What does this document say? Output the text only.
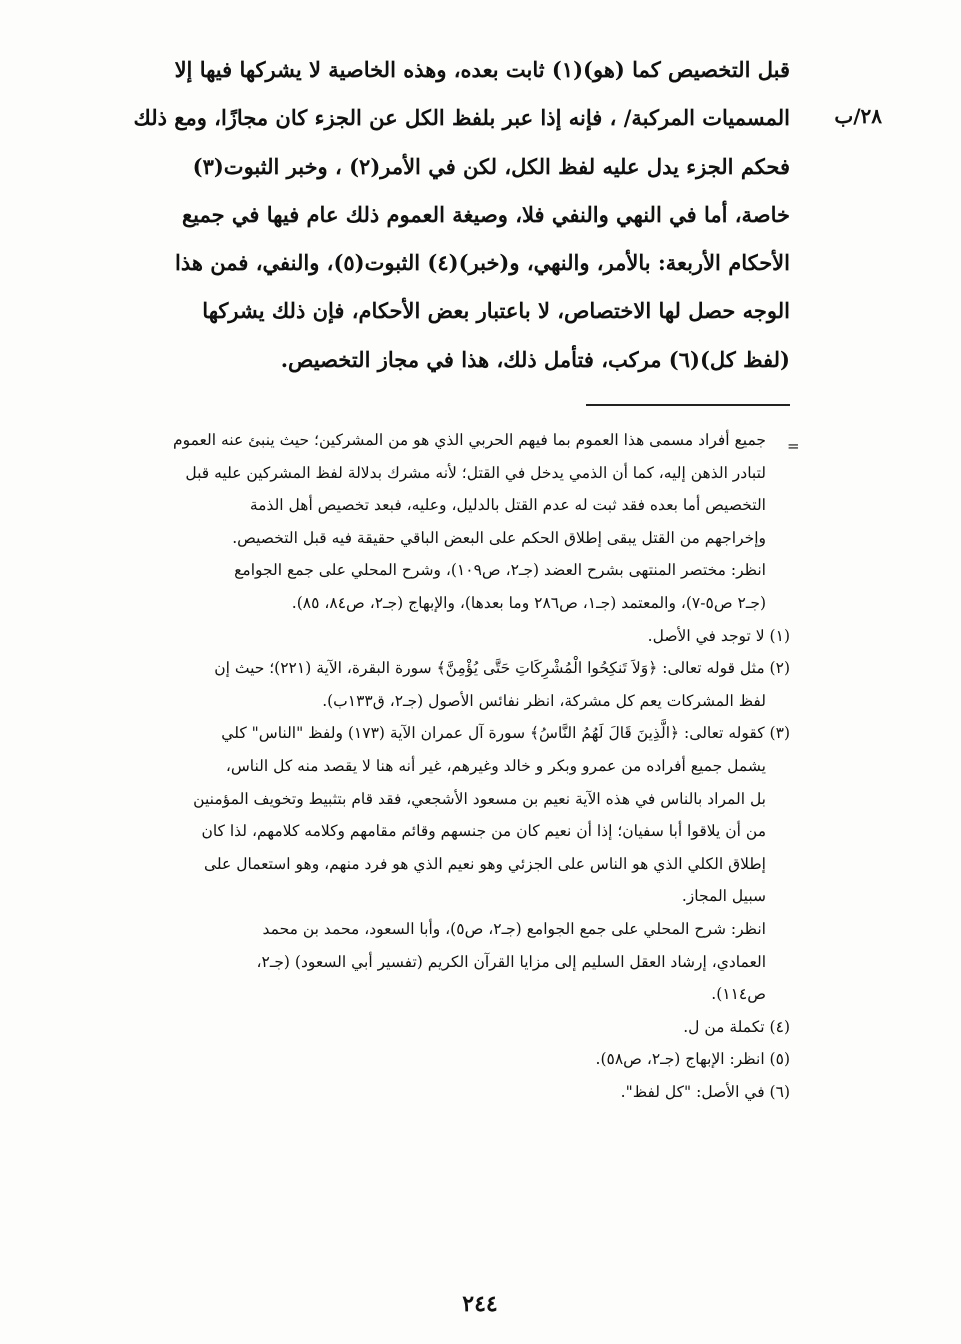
٢٨/ب

قبل التخصيص كما (هو)(١) ثابت بعده، وهذه الخاصية لا يشركها فيها إلا

المسميات المركبة/ ، فإنه إذا عبر بلفظ الكل عن الجزء كان مجازًا، ومع ذلك

فحكم الجزء يدل عليه لفظ الكل، لكن في الأمر(٢) ، وخبر الثبوت(٣)

خاصة، أما في النهي والنفي فلا، وصيغة العموم ذلك عام فيها في جميع

الأحكام الأربعة: بالأمر، والنهي، و(خبر)(٤) الثبوت(٥)، والنفي، فمن هذا

الوجه حصل لها الاختصاص، لا باعتبار بعض الأحكام، فإن ذلك يشركها

(لفظ كل)(٦) مركب، فتأمل ذلك، هذا في مجاز التخصيص.

=

جميع أفراد مسمى هذا العموم بما فيهم الحربي الذي هو من المشركين؛ حيث ينبئ عنه العموم

لتبادر الذهن إليه، كما أن الذمي يدخل في القتل؛ لأنه مشرك بدلالة لفظ المشركين عليه قبل

التخصيص أما بعده فقد ثبت له عدم القتل بالدليل، وعليه، فبعد تخصيص أهل الذمة

وإخراجهم من القتل يبقى إطلاق الحكم على البعض الباقي حقيقة فيه قبل التخصيص.

انظر: مختصر المنتهى بشرح العضد (جـ٢، ص١٠٩)، وشرح المحلي على جمع الجوامع

(جـ٢ ص٥-٧)، والمعتمد (جـ١، ص٢٨٦ وما بعدها)، والإبهاج (جـ٢، ص٨٤، ٨٥).

(١) لا توجد في الأصل.

(٢) مثل قوله تعالى: ﴿وَلاَ تَنكِحُوا الْمُشْرِكَاتِ حَتَّى يُؤْمِنَّ﴾ سورة البقرة، الآية (٢٢١)؛ حيث إن

لفظ المشركات يعم كل مشركة، انظر نفائس الأصول (جـ٢، ق١٣٣ب).

(٣) كقوله تعالى: ﴿الَّذِينَ قَالَ لَهُمُ النَّاسُ﴾ سورة آل عمران الآية (١٧٣) ولفظ "الناس" كلي

يشمل جميع أفراده من عمرو وبكر و خالد وغيرهم، غير أنه هنا لا يقصد منه كل الناس،

بل المراد بالناس في هذه الآية نعيم بن مسعود الأشجعي، فقد قام بتثبيط وتخويف المؤمنين

من أن يلاقوا أبا سفيان؛ إذا أن نعيم كان من جنسهم وقائم مقامهم وكلامه كلامهم، لذا كان

إطلاق الكلي الذي هو الناس على الجزئي وهو نعيم الذي هو فرد منهم، وهو استعمال على

سبيل المجاز.

انظر: شرح المحلي على جمع الجوامع (جـ٢، ص٥)، وأبا السعود، محمد بن محمد

العمادي، إرشاد العقل السليم إلى مزايا القرآن الكريم (تفسير أبي السعود) (جـ٢،

ص١١٤).

(٤) تكملة من ل.

(٥) انظر: الإبهاج (جـ٢، ص٥٨).

(٦) في الأصل: "كل لفظ".

٢٤٤
